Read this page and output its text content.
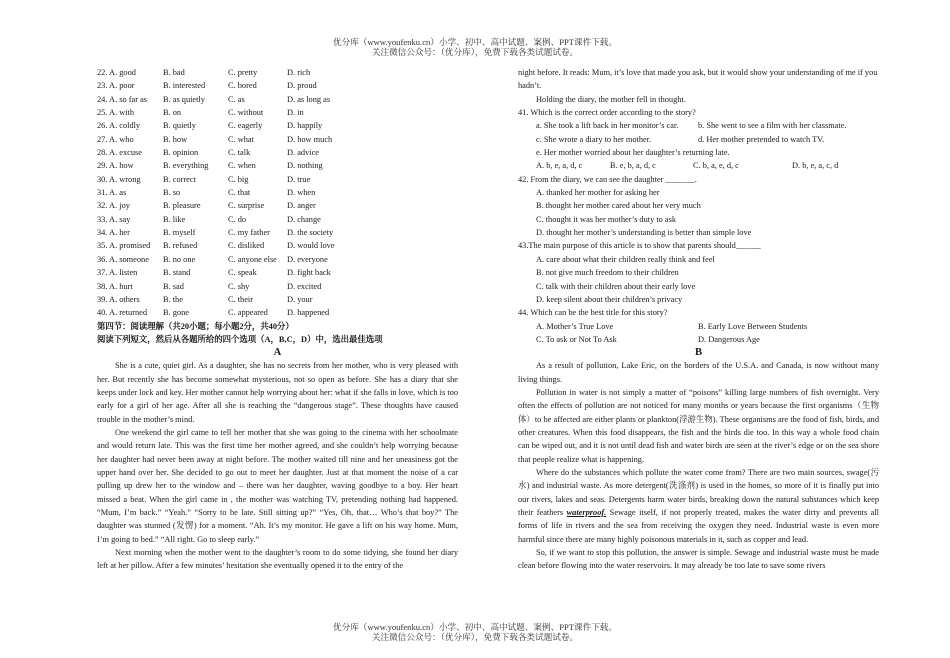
优分库（www.youfenku.cn）小学、初中、高中试题、案例、PPT课件下载。
关注微信公众号：（优分库），免费下载各类试题试卷。
22. A. good	B. bad	C. pretty	D. rich
23. A. poor	B. interested	C. bored	D. proud
24. A. so far as B. as quietly	C. as	D. as long as
25. A. with	B. on	C. without	D. in
26. A. coldly	B. quietly	C. eagerly	D. happily
27. A. who	B. how	C. what	D. how much
28. A. excuse	B. opinion	C. talk	D. advice
29. A. how	B. everything C. when	D. nothing
30. A. wrong	B. correct	C. big	D. true
31. A. as	B. so	C. that	D. when
32. A. joy	B. pleasure	C. surprise	D. anger
33. A. say	B. like	C. do	D. change
34. A. her	B. myself	C. my father D. the society
35. A. promised B. refused	C. disliked	D. would love
36. A. someone B. no one	C. anyone else D. everyone
37. A. listen	B. stand	C. speak	D. fight back
38. A. hurt	B. sad	C. shy	D. excited
39. A. others	B. the	C. their	D. your
40. A. returned B. gone	C. appeared D. happened
第四节：阅读理解（共20小题；每小题2分，共40分）
阅读下列短文，然后从各题所给的四个选项（A，B,C，D）中，选出最佳选项
A

She is a cute, quiet girl. As a daughter, she has no secrets from her mother, who is very pleased with her. But recently she has become somewhat mysterious, not so open as before. She has a diary that she keeps under lock and key. Her mother cannot help worrying about her: what if she falls in love, which is too early for a girl of her age. After all she is reaching the “dangerous stage”. These thoughts have caused trouble in the mother’s mind.

One weekend the girl came to tell her mother that she was going to the cinema with her schoolmate and would return late. This was the first time her mother agreed, and she couldn’t help worrying because her daughter had never been away at night before. The mother waited till nine and her uneasiness got the upper hand over her. She decided to go out to meet her daughter. Just at that moment the noise of a car pulling up drew her to the window and – there was her daughter, waving goodbye to a boy. Her heart missed a beat. When the girl came in , the mother was watching TV, pretending nothing had happened. “Mum, I’m back.” “Yeah.” “Sorry to be late. Still sitting up?” “Yes, Oh, that… Who’s that boy?” The daughter was stunned (发愣) for a moment. “Ah. It’s my monitor. He gave a lift on his way home. Mum, I’m going to bed.” “All right. Go to sleep early.”

Next morning when the mother went to the daughter’s room to do some tidying, she found her diary left at her pillow. After a few minutes’ hesitation she eventually opened it to the entry of the

night before. It reads: Mum, it’s love that made you ask, but it would show your understanding of me if you hadn’t.

Holding the diary, the mother fell in thought.

41. Which is the correct order according to the story?

a. She took a lift back in her monitor’s car. b. She went to see a film with her classmate.
c. She wrote a diary to her mother.	d. Her mother pretended to watch TV.

e. Her mother worried about her daughter’s returning late.

A. b, e, a, d, c	B. e, b, a, d, c	C. b, a, e, d, c	D. b, e, a, c, d

42. From the diary, we can see the daughter _______.

A. thanked her mother for asking her

B. thought her mother cared about her very much

C. thought it was her mother’s duty to ask

D. thought her mother’s understanding is better than simple love

43.The main purpose of this article is to show that parents should______

A. care about what their children really think and feel

B. not give much freedom to their children

C. talk with their children about their early love

D. keep silent about their children’s privacy

44. Which can be the best title for this story?

A. Mother’s True Love	B. Early Love Between Students
C. To ask or Not To Ask	D. Dangerous Age
B

As a result of pollution, Lake Eric, on the borders of the U.S.A. and Canada, is now without many living things.

Pollution in water is not simply a matter of “poisons” killing large numbers of fish overnight. Very often the effects of pollution are not noticed for many months or years because the first organisms（生物体）to be affected are either plants or plankton(浮游生物). These organisms are the food of fish, birds, and other creatures. When this food disappears, the fish and the birds die too. In this way a whole food chain can be wiped out, and it is not until dead fish and water birds are seen at the river’s edge or on the sea shore that people realize what is happening.

Where do the substances which pollute the water come from? There are two main sources, swage(污水) and industrial waste. As more detergent(洗涤剂) is used in the homes, so more of it is finally put into our rivers, lakes and seas. Detergents harm water birds, breaking down the natural substances which keep their feathers waterproof. Sewage itself, if not properly treated, makes the water dirty and prevents all forms of life in rivers and the sea from receiving the oxygen they need. Industrial waste is even more harmful since there are many highly poisonous materials in it, such as copper and lead.

So, if we want to stop this pollution, the answer is simple. Sewage and industrial waste must be made clean before flowing into the water reservoirs. It may already be too late to save some rivers

优分库（www.youfenku.cn）小学、初中、高中试题、案例、PPT课件下载。
关注微信公众号：（优分库），免费下载各类试题试卷。
